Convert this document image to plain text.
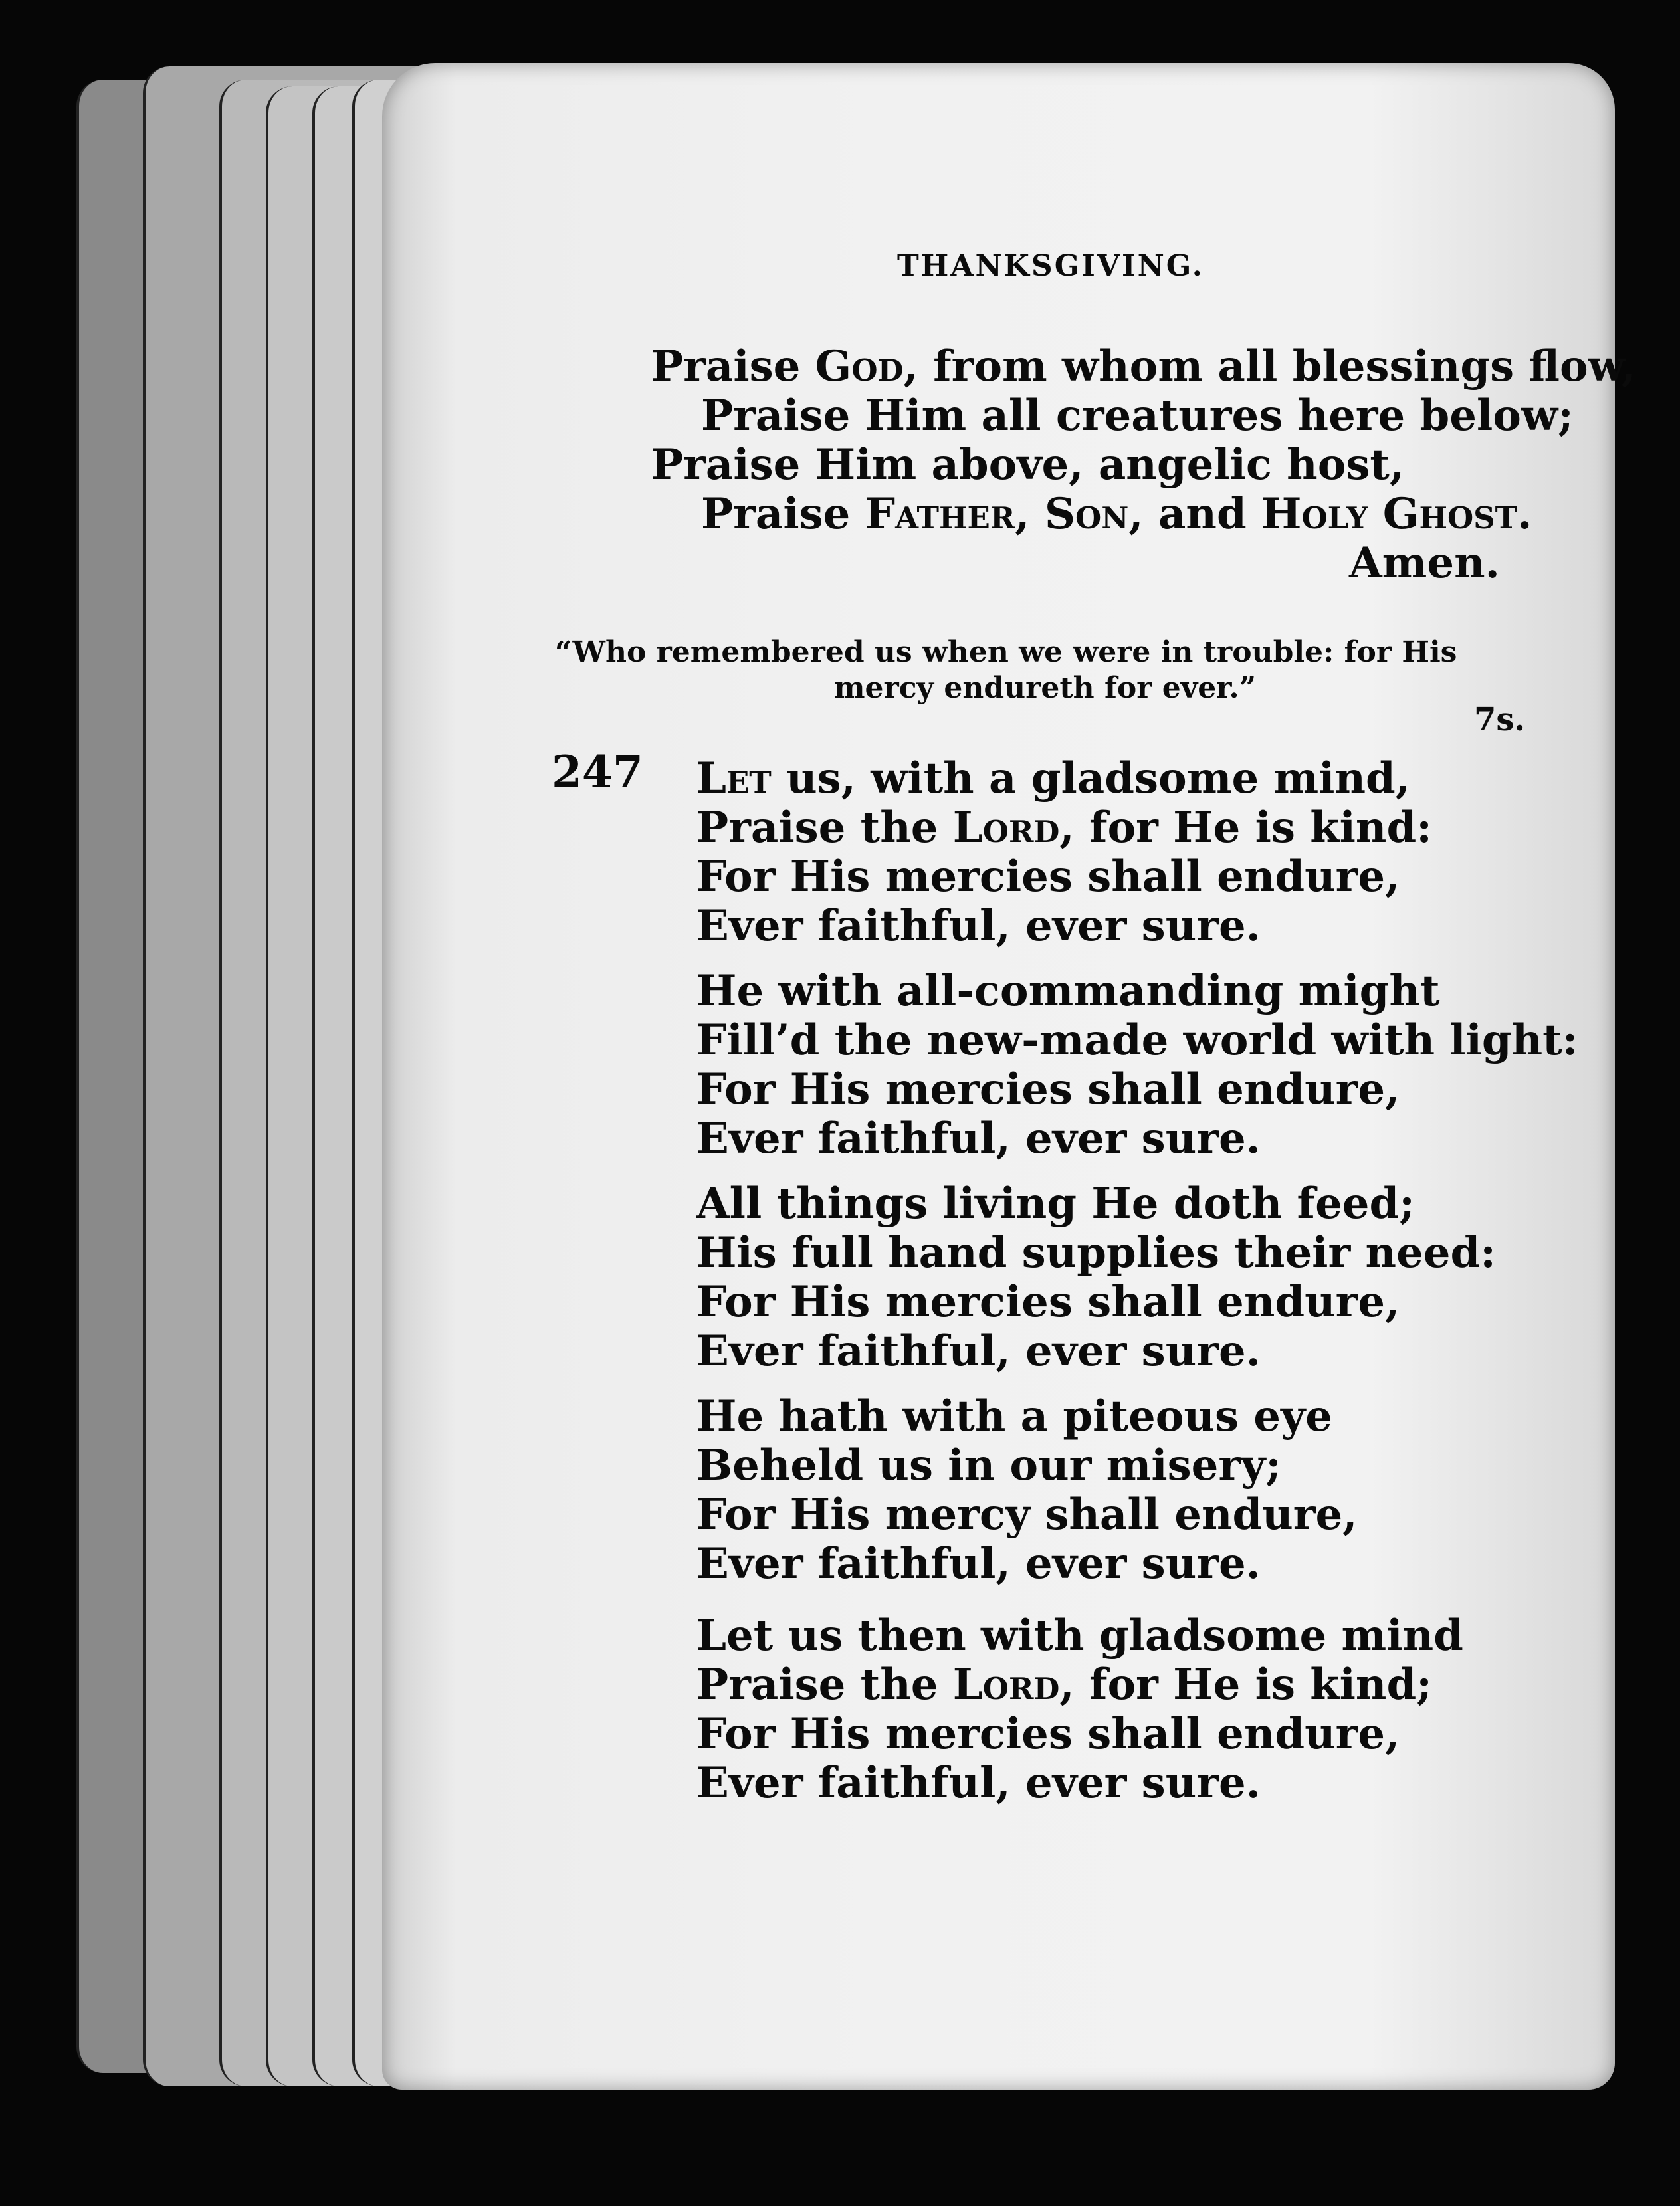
THANKSGIVING.
Praise God, from whom all blessings flow,
Praise Him all creatures here below;
Praise Him above, angelic host,
Praise Father, Son, and Holy Ghost.
Amen.
“Who remembered us when we were in trouble: for His
mercy endureth for ever.”
7s.
247 Let us, with a gladsome mind,
Praise the Lord, for He is kind:
For His mercies shall endure,
Ever faithful, ever sure.
He with all-commanding might
Fill’d the new-made world with light:
For His mercies shall endure,
Ever faithful, ever sure.
All things living He doth feed;
His full hand supplies their need:
For His mercies shall endure,
Ever faithful, ever sure.
He hath with a piteous eye
Beheld us in our misery;
For His mercy shall endure,
Ever faithful, ever sure.
Let us then with gladsome mind
Praise the Lord, for He is kind;
For His mercies shall endure,
Ever faithful, ever sure.
